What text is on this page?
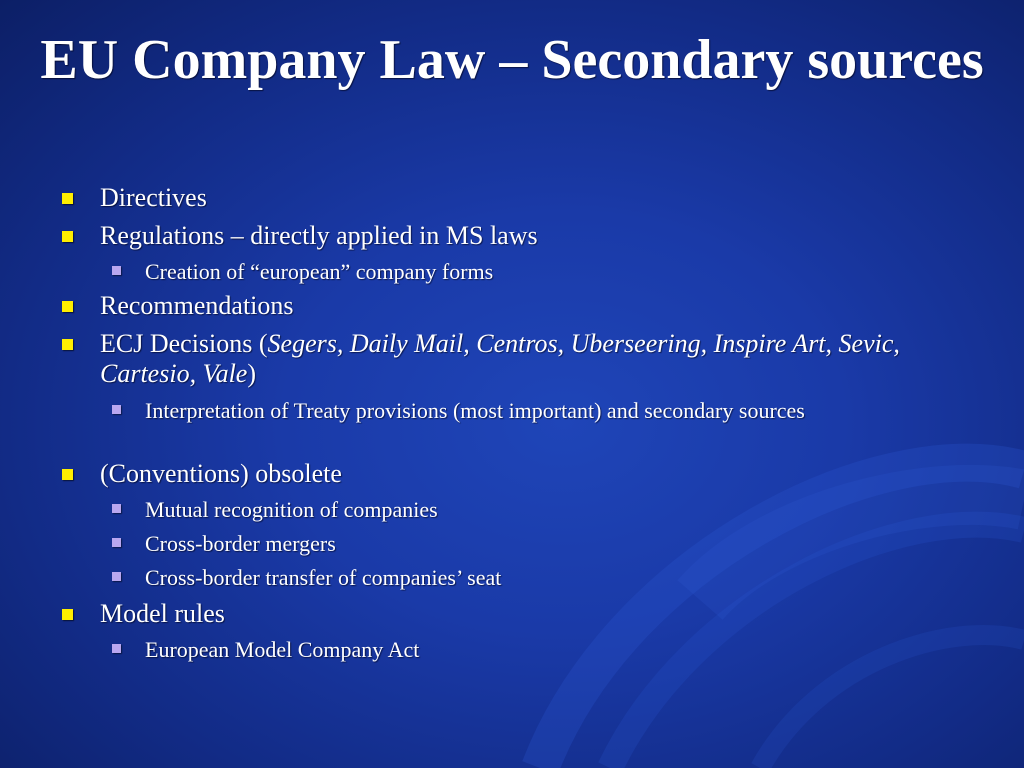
EU Company Law – Secondary sources
Directives
Regulations – directly applied in MS laws
Creation of “european” company forms
Recommendations
ECJ Decisions (Segers, Daily Mail, Centros, Uberseering, Inspire Art, Sevic, Cartesio, Vale)
Interpretation of Treaty provisions (most important) and secondary sources
(Conventions) obsolete
Mutual recognition of companies
Cross-border mergers
Cross-border transfer of companies’ seat
Model rules
European Model Company Act
